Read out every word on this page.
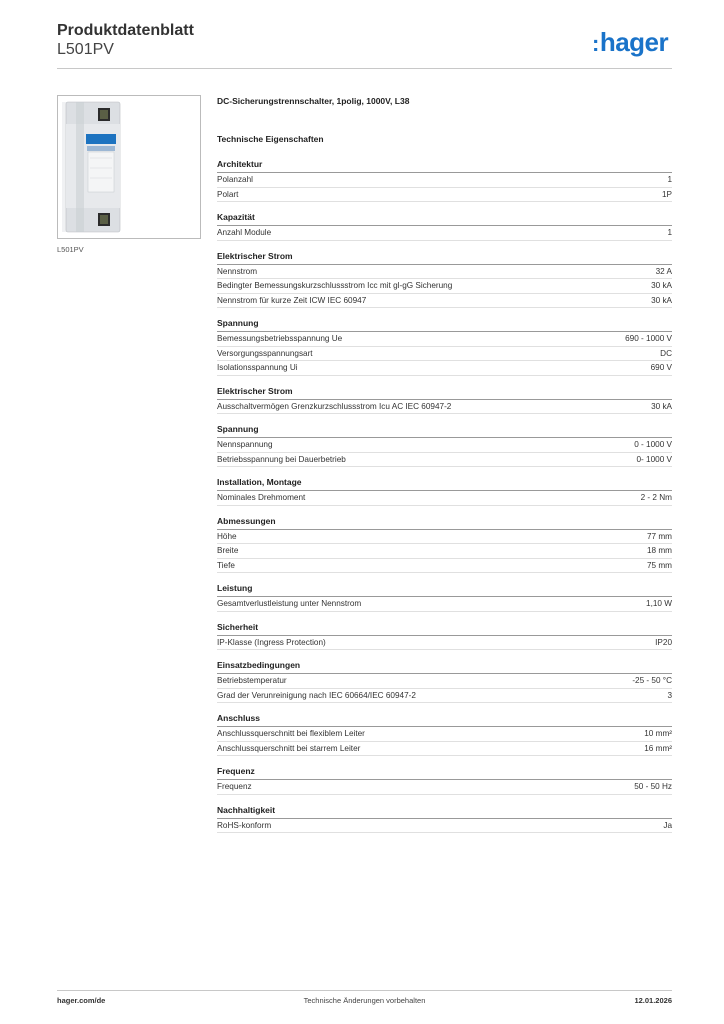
Produktdatenblatt
L501PV	:hager
L501PV
DC-Sicherungstrennschalter, 1polig, 1000V, L38
Technische Eigenschaften
Architektur
Polanzahl	1
Polart	1P
Kapazität
Anzahl Module	1
Elektrischer Strom
Nennstrom	32 A
Bedingter Bemessungskurzschlussstrom Icc mit gl-gG Sicherung	30 kA
Nennstrom für kurze Zeit ICW IEC 60947	30 kA
Spannung
Bemessungsbetriebsspannung Ue	690 - 1000 V
Versorgungsspannungsart	DC
Isolationsspannung Ui	690 V
Elektrischer Strom
Ausschaltvermögen Grenzkurzschlussstrom Icu AC IEC 60947-2	30 kA
Spannung
Nennspannung	0 - 1000 V
Betriebsspannung bei Dauerbetrieb	0- 1000 V
Installation, Montage
Nominales Drehmoment	2 - 2 Nm
Abmessungen
Höhe	77 mm
Breite	18 mm
Tiefe	75 mm
Leistung
Gesamtverlustleistung unter Nennstrom	1,10 W
Sicherheit
IP-Klasse (Ingress Protection)	IP20
Einsatzbedingungen
Betriebstemperatur	-25 - 50 °C
Grad der Verunreinigung nach IEC 60664/IEC 60947-2	3
Anschluss
Anschlussquerschnitt bei flexiblem Leiter	10 mm²
Anschlussquerschnitt bei starrem Leiter	16 mm²
Frequenz
Frequenz	50 - 50 Hz
Nachhaltigkeit
RoHS-konform	Ja
Technische Änderungen vorbehalten
hager.com/de	12.01.2026
